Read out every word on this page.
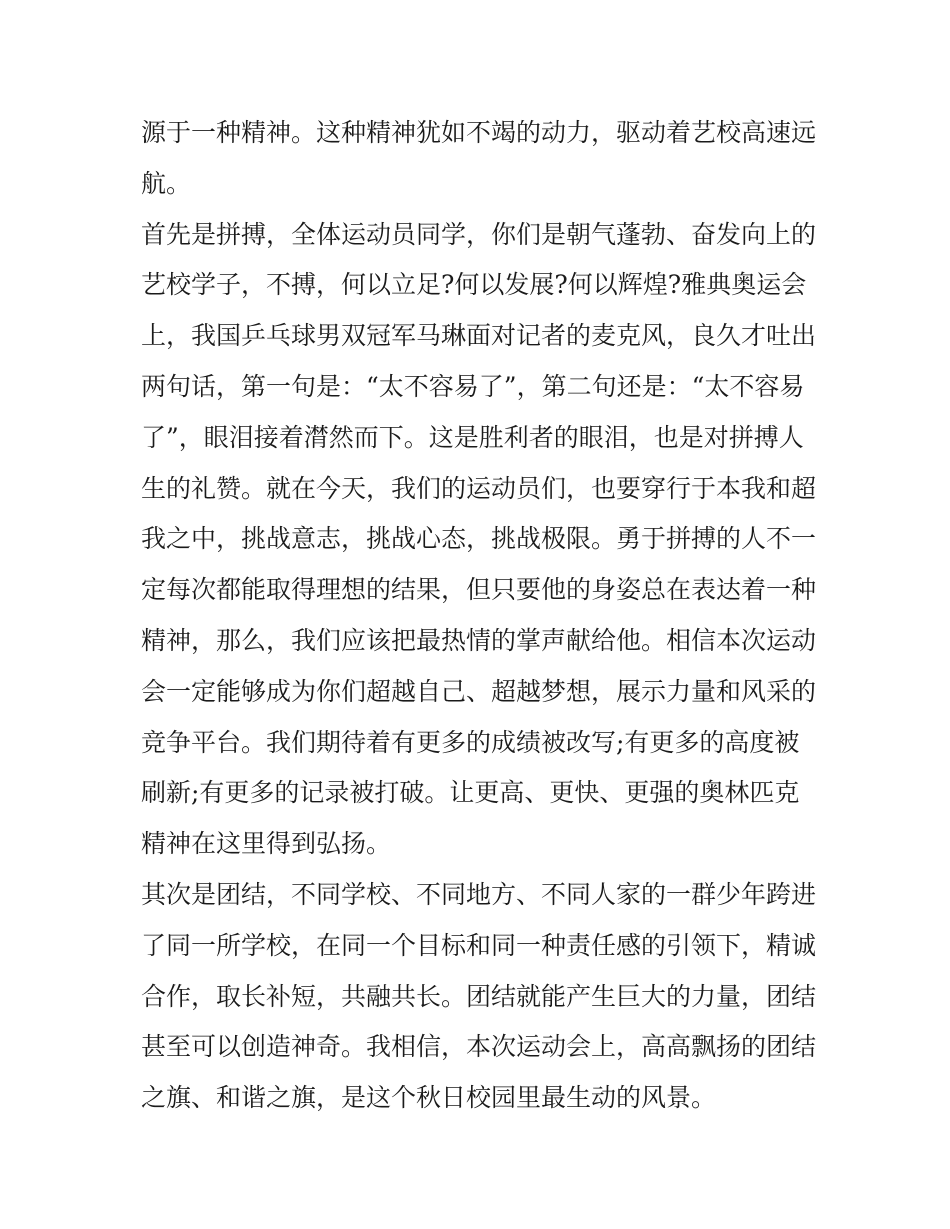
源于一种精神。这种精神犹如不竭的动力，驱动着艺校高速远
航。
首先是拼搏，全体运动员同学，你们是朝气蓬勃、奋发向上的
艺校学子，不搏，何以立足?何以发展?何以辉煌?雅典奥运会
上，我国乒乓球男双冠军马琳面对记者的麦克风，良久才吐出
两句话，第一句是：“太不容易了”，第二句还是：“太不容易
了”，眼泪接着潸然而下。这是胜利者的眼泪，也是对拼搏人
生的礼赞。就在今天，我们的运动员们，也要穿行于本我和超
我之中，挑战意志，挑战心态，挑战极限。勇于拼搏的人不一
定每次都能取得理想的结果，但只要他的身姿总在表达着一种
精神，那么，我们应该把最热情的掌声献给他。相信本次运动
会一定能够成为你们超越自己、超越梦想，展示力量和风采的
竞争平台。我们期待着有更多的成绩被改写;有更多的高度被
刷新;有更多的记录被打破。让更高、更快、更强的奥林匹克
精神在这里得到弘扬。
其次是团结，不同学校、不同地方、不同人家的一群少年跨进
了同一所学校，在同一个目标和同一种责任感的引领下，精诚
合作，取长补短，共融共长。团结就能产生巨大的力量，团结
甚至可以创造神奇。我相信，本次运动会上，高高飘扬的团结
之旗、和谐之旗，是这个秋日校园里最生动的风景。
